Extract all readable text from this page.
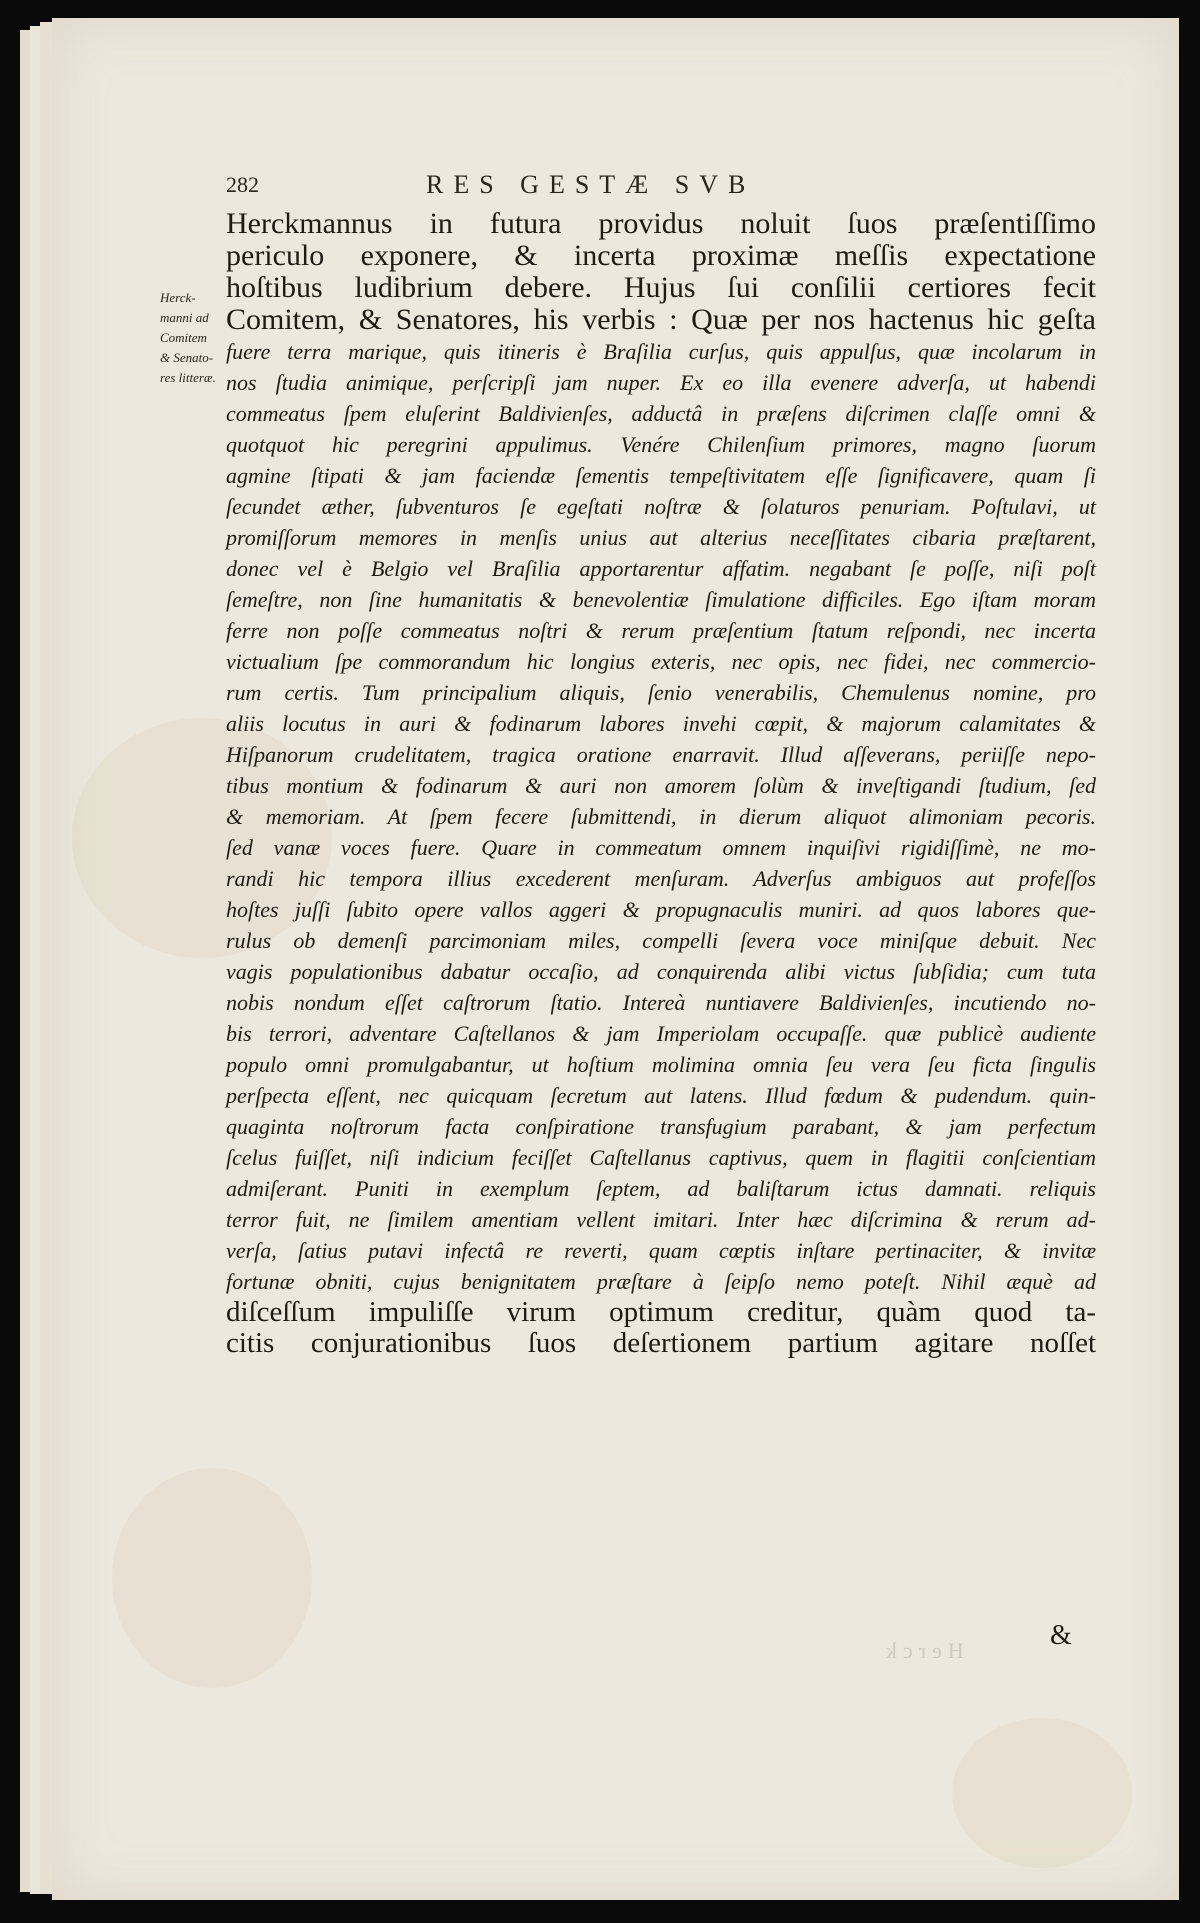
282	RES GESTÆ SVB
Herck-
manni ad
Comitem
& Senato-
res litteræ.
Herckmannus in futura providus noluit ſuos præſentiſſimo
periculo exponere, & incerta proximæ meſſis expectatione
hoſtibus ludibrium debere. Hujus ſui conſilii certiores fecit
Comitem, & Senatores, his verbis : Quæ per nos hactenus hic geſta
fuere terra marique, quis itineris è Braſilia curſus, quis appulſus, quæ incolarum in
nos ſtudia animique, perſcripſi jam nuper. Ex eo illa evenere adverſa, ut habendi
commeatus ſpem eluſerint Baldivienſes, adductâ in præſens diſcrimen claſſe omni &
quotquot hic peregrini appulimus. Venére Chilenſium primores, magno ſuorum
agmine ſtipati & jam faciendæ ſementis tempeſtivitatem eſſe ſignificavere, quam ſi
ſecundet æther, ſubventuros ſe egeſtati noſtræ & ſolaturos penuriam. Poſtulavi, ut
promiſſorum memores in menſis unius aut alterius neceſſitates cibaria præſtarent,
donec vel è Belgio vel Braſilia apportarentur affatim. negabant ſe poſſe, niſi poſt
ſemeſtre, non ſine humanitatis & benevolentiæ ſimulatione difficiles. Ego iſtam moram
ferre non poſſe commeatus noſtri & rerum præſentium ſtatum reſpondi, nec incerta
victualium ſpe commorandum hic longius exteris, nec opis, nec fidei, nec commercio-
rum certis. Tum principalium aliquis, ſenio venerabilis, Chemulenus nomine, pro
aliis locutus in auri & fodinarum labores invehi cœpit, & majorum calamitates &
Hiſpanorum crudelitatem, tragica oratione enarravit. Illud aſſeverans, periiſſe nepo-
tibus montium & fodinarum & auri non amorem ſolùm & inveſtigandi ſtudium, ſed
& memoriam. At ſpem fecere ſubmittendi, in dierum aliquot alimoniam pecoris.
ſed vanæ voces fuere. Quare in commeatum omnem inquiſivi rigidiſſimè, ne mo-
randi hic tempora illius excederent menſuram. Adverſus ambiguos aut profeſſos
hoſtes juſſi ſubito opere vallos aggeri & propugnaculis muniri. ad quos labores que-
rulus ob demenſi parcimoniam miles, compelli ſevera voce miniſque debuit. Nec
vagis populationibus dabatur occaſio, ad conquirenda alibi victus ſubſidia; cum tuta
nobis nondum eſſet caſtrorum ſtatio. Intereà nuntiavere Baldivienſes, incutiendo no-
bis terrori, adventare Caſtellanos & jam Imperiolam occupaſſe. quæ publicè audiente
populo omni promulgabantur, ut hoſtium molimina omnia ſeu vera ſeu ficta ſingulis
perſpecta eſſent, nec quicquam ſecretum aut latens. Illud fœdum & pudendum. quin-
quaginta noſtrorum facta conſpiratione transfugium parabant, & jam perfectum
ſcelus fuiſſet, niſi indicium feciſſet Caſtellanus captivus, quem in flagitii conſcientiam
admiſerant. Puniti in exemplum ſeptem, ad baliſtarum ictus damnati. reliquis
terror fuit, ne ſimilem amentiam vellent imitari. Inter hæc diſcrimina & rerum ad-
verſa, ſatius putavi infectâ re reverti, quam cœptis inſtare pertinaciter, & invitæ
fortunæ obniti, cujus benignitatem præſtare à ſeipſo nemo poteſt. Nihil æquè ad
diſceſſum impuliſſe virum optimum creditur, quàm quod ta-
citis conjurationibus ſuos deſertionem partium agitare noſſet
Herck	&
